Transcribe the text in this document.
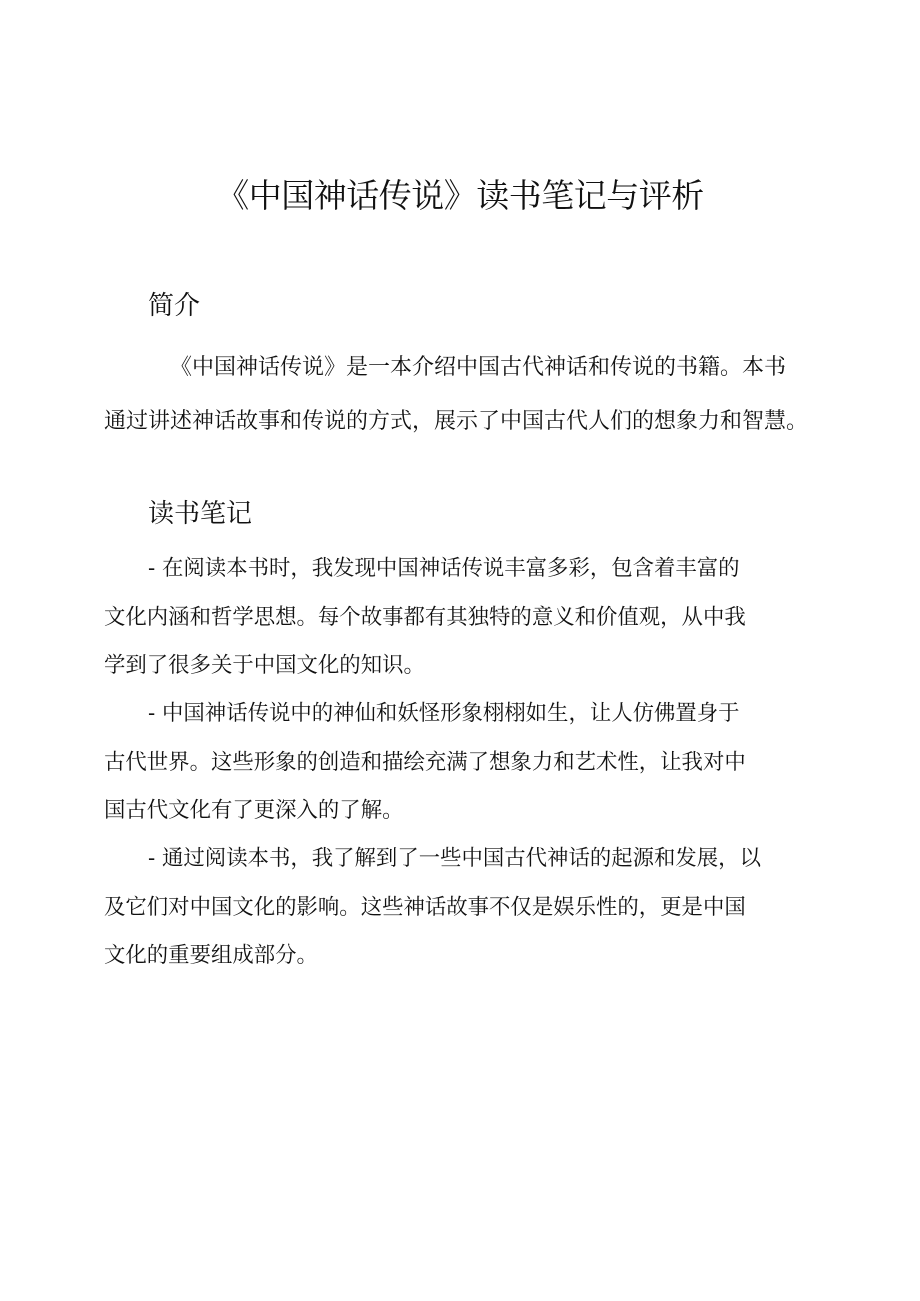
《中国神话传说》读书笔记与评析
简介

《中国神话传说》是一本介绍中国古代神话和传说的书籍。本书
通过讲述神话故事和传说的方式，展示了中国古代人们的想象力和智慧。

读书笔记

- 在阅读本书时，我发现中国神话传说丰富多彩，包含着丰富的
文化内涵和哲学思想。每个故事都有其独特的意义和价值观，从中我
学到了很多关于中国文化的知识。

- 中国神话传说中的神仙和妖怪形象栩栩如生，让人仿佛置身于
古代世界。这些形象的创造和描绘充满了想象力和艺术性，让我对中
国古代文化有了更深入的了解。

- 通过阅读本书，我了解到了一些中国古代神话的起源和发展，以
及它们对中国文化的影响。这些神话故事不仅是娱乐性的，更是中国
文化的重要组成部分。
